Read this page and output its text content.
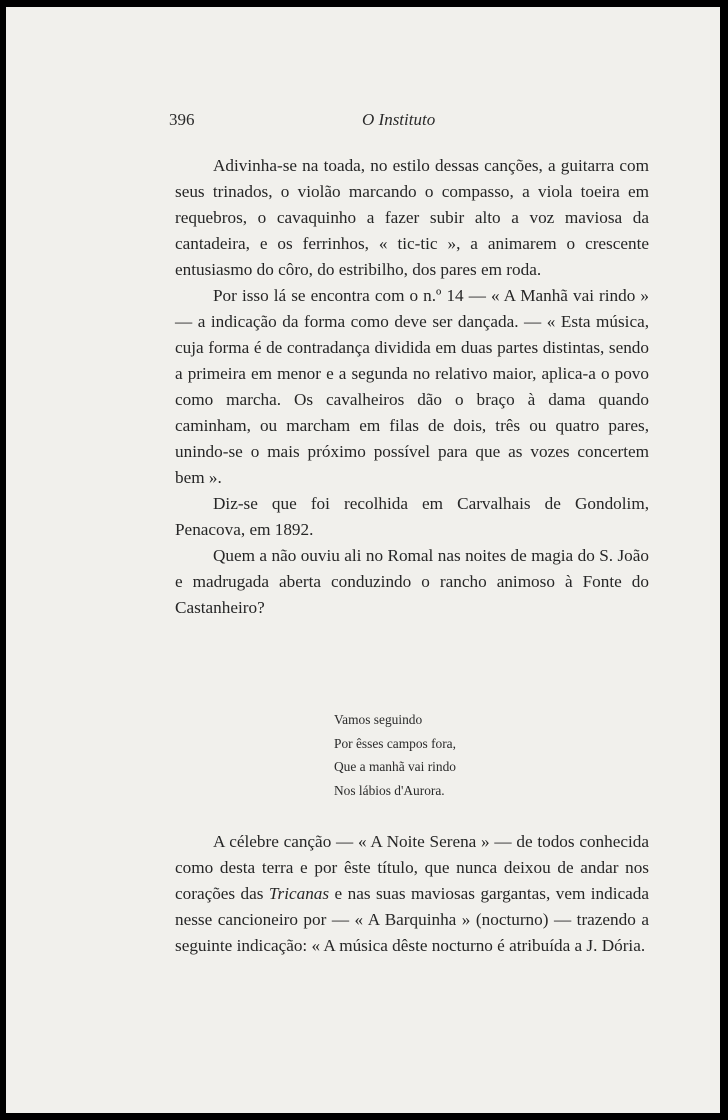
396	O Instituto

Adivinha-se na toada, no estilo dessas canções, a guitarra com seus trinados, o violão marcando o compasso, a viola toeira em requebros, o cavaquinho a fazer subir alto a voz maviosa da cantadeira, e os ferrinhos, « tic-tic », a animarem o crescente entusiasmo do côro, do estribilho, dos pares em roda.

Por isso lá se encontra com o n.º 14 — « A Manhã vai rindo » — a indicação da forma como deve ser dançada. — « Esta música, cuja forma é de contradança dividida em duas partes distintas, sendo a primeira em menor e a segunda no relativo maior, aplica-a o povo como marcha. Os cavalheiros dão o braço à dama quando caminham, ou marcham em filas de dois, três ou quatro pares, unindo-se o mais próximo possível para que as vozes concertem bem ».

Diz-se que foi recolhida em Carvalhais de Gondolim, Penacova, em 1892.

Quem a não ouviu ali no Romal nas noites de magia do S. João e madrugada aberta conduzindo o rancho animoso à Fonte do Castanheiro?

Vamos seguindo
Por êsses campos fora,
Que a manhã vai rindo
Nos lábios d'Aurora.

A célebre canção — « A Noite Serena » — de todos conhecida como desta terra e por êste título, que nunca deixou de andar nos corações das Tricanas e nas suas maviosas gargantas, vem indicada nesse cancioneiro por — « A Barquinha » (nocturno) — trazendo a seguinte indicação: « A música dêste nocturno é atribuída a J. Dória.
